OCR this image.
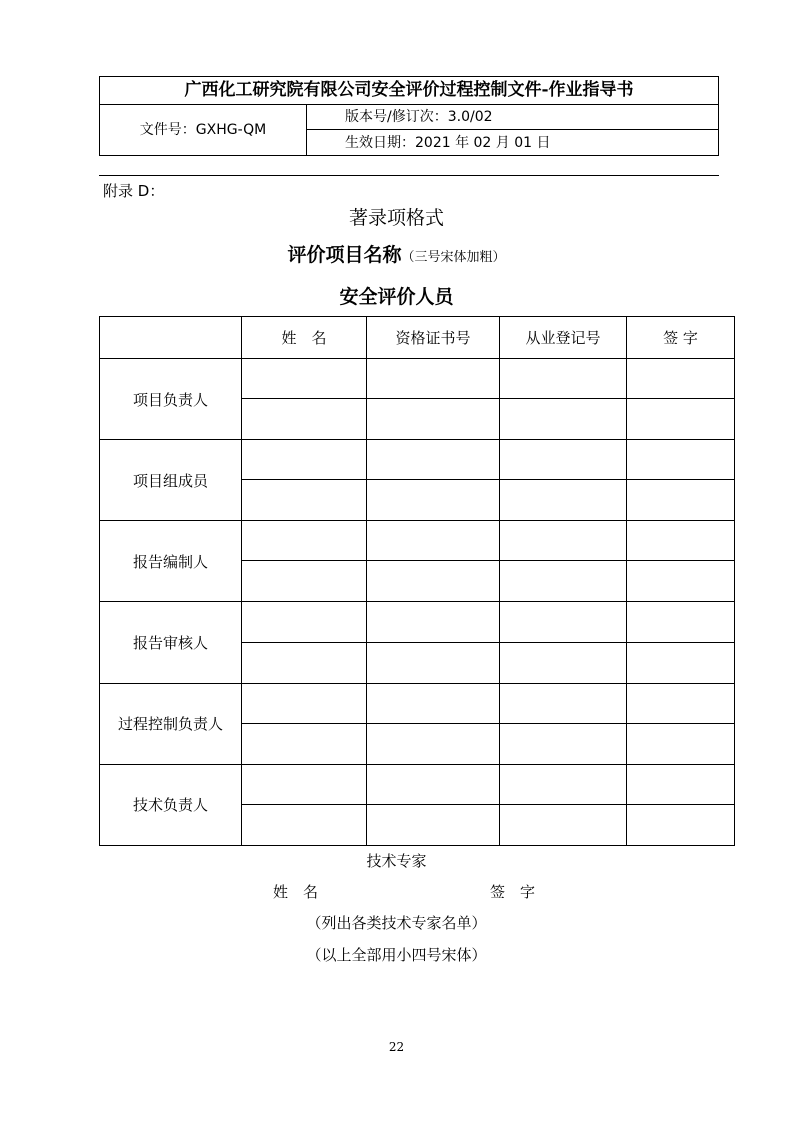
广西化工研究院有限公司安全评价过程控制文件-作业指导书
文件号：GXHG-QM
版本号/修订次：3.0/02
生效日期：2021 年 02 月 01 日
附录 D：
著录项格式
评价项目名称（三号宋体加粗）
安全评价人员
	姓　名	资格证书号	从业登记号	签 字
项目负责人				

项目组成员				

报告编制人				

报告审核人				

过程控制负责人				

技术负责人				

技术专家
姓　名	签　字
（列出各类技术专家名单）
（以上全部用小四号宋体）
22
